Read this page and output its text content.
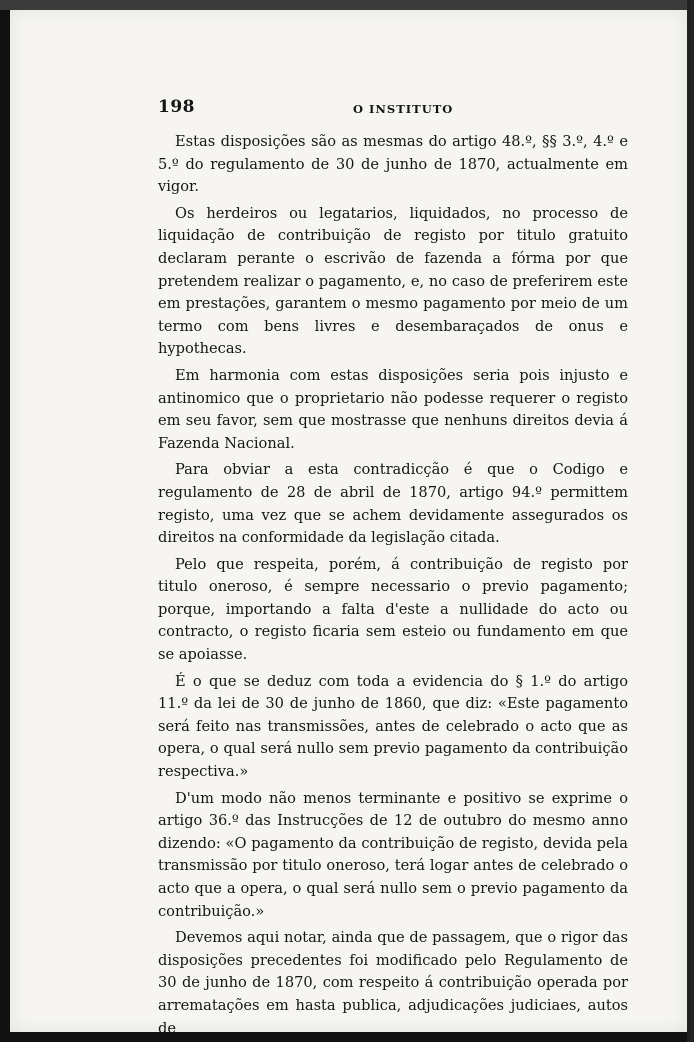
198	O INSTITUTO

Estas disposições são as mesmas do artigo 48.º, §§ 3.º, 4.º e 5.º do regulamento de 30 de junho de 1870, actualmente em vigor.

Os herdeiros ou legatarios, liquidados, no processo de liquidação de contribuição de registo por titulo gratuito declaram perante o escrivão de fazenda a fórma por que pretendem realizar o pagamento, e, no caso de preferirem este em prestações, garantem o mesmo pagamento por meio de um termo com bens livres e desembaraçados de onus e hypothecas.

Em harmonia com estas disposições seria pois injusto e antinomico que o proprietario não podesse requerer o registo em seu favor, sem que mostrasse que nenhuns direitos devia á Fazenda Nacional.

Para obviar a esta contradicção é que o Codigo e regulamento de 28 de abril de 1870, artigo 94.º permittem registo, uma vez que se achem devidamente assegurados os direitos na conformidade da legislação citada.

Pelo que respeita, porém, á contribuição de registo por titulo oneroso, é sempre necessario o previo pagamento; porque, importando a falta d'este a nullidade do acto ou contracto, o registo ficaria sem esteio ou fundamento em que se apoiasse.

É o que se deduz com toda a evidencia do § 1.º do artigo 11.º da lei de 30 de junho de 1860, que diz: «Este pagamento será feito nas transmissões, antes de celebrado o acto que as opera, o qual será nullo sem previo pagamento da contribuição respectiva.»

D'um modo não menos terminante e positivo se exprime o artigo 36.º das Instrucções de 12 de outubro do mesmo anno dizendo: «O pagamento da contribuição de registo, devida pela transmissão por titulo oneroso, terá logar antes de celebrado o acto que a opera, o qual será nullo sem o previo pagamento da contribuição.»

Devemos aqui notar, ainda que de passagem, que o rigor das disposições precedentes foi modificado pelo Regulamento de 30 de junho de 1870, com respeito á contribuição operada por arrematações em hasta publica, adjudicações judiciaes, autos de
